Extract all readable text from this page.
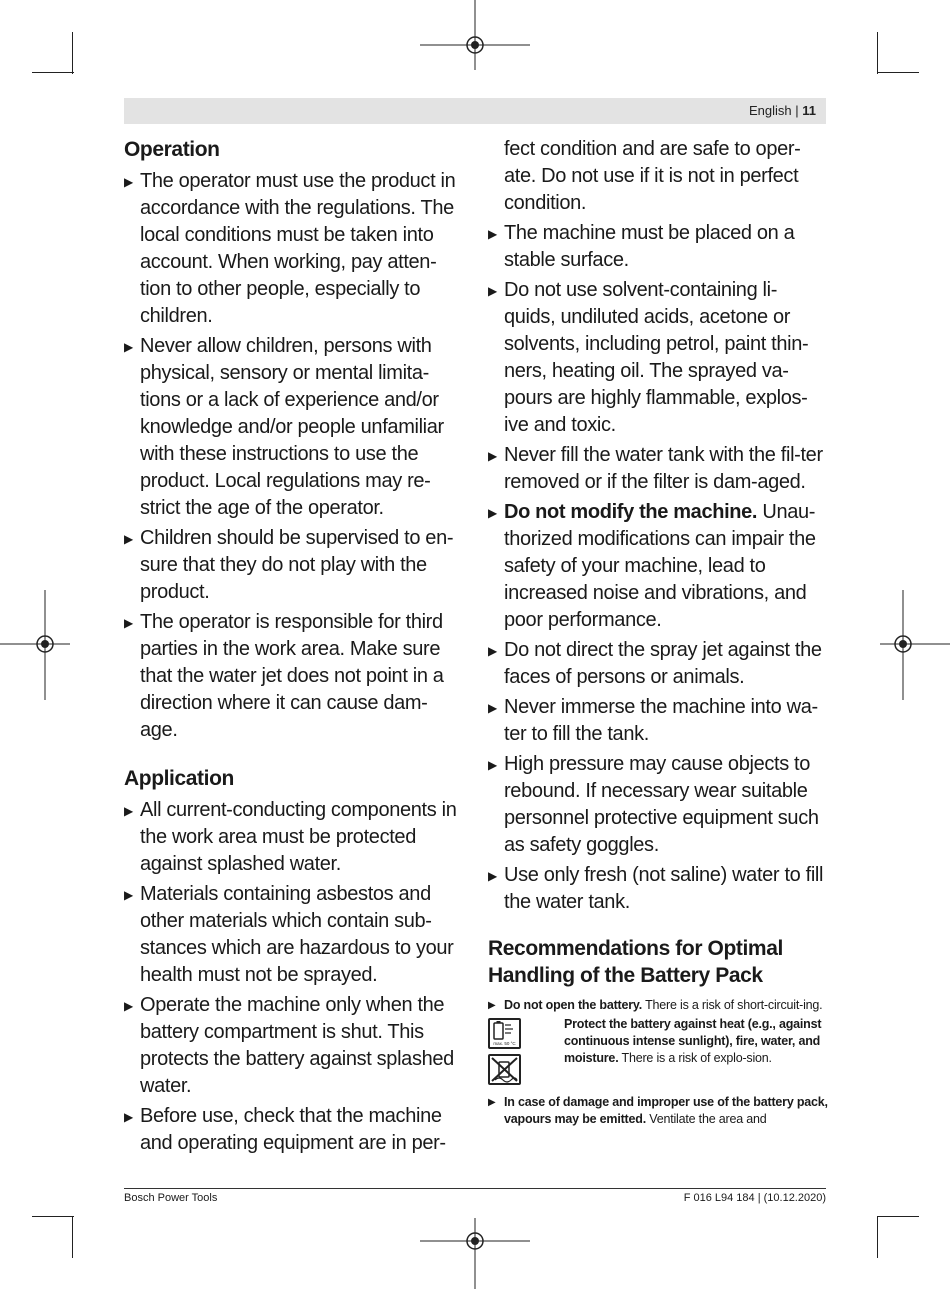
English | 11
Operation
▶ The operator must use the product in accordance with the regulations. The local conditions must be taken into account. When working, pay atten-tion to other people, especially to children.
▶ Never allow children, persons with physical, sensory or mental limita-tions or a lack of experience and/or knowledge and/or people unfamiliar with these instructions to use the product. Local regulations may re-strict the age of the operator.
▶ Children should be supervised to en-sure that they do not play with the product.
▶ The operator is responsible for third parties in the work area. Make sure that the water jet does not point in a direction where it can cause dam-age.
Application
▶ All current-conducting components in the work area must be protected against splashed water.
▶ Materials containing asbestos and other materials which contain sub-stances which are hazardous to your health must not be sprayed.
▶ Operate the machine only when the battery compartment is shut. This protects the battery against splashed water.
▶ Before use, check that the machine and operating equipment are in per-
fect condition and are safe to oper-ate. Do not use if it is not in perfect condition.
▶ The machine must be placed on a stable surface.
▶ Do not use solvent-containing li-quids, undiluted acids, acetone or solvents, including petrol, paint thin-ners, heating oil. The sprayed va-pours are highly flammable, explos-ive and toxic.
▶ Never fill the water tank with the fil-ter removed or if the filter is dam-aged.
▶ Do not modify the machine. Unau-thorized modifications can impair the safety of your machine, lead to increased noise and vibrations, and poor performance.
▶ Do not direct the spray jet against the faces of persons or animals.
▶ Never immerse the machine into wa-ter to fill the tank.
▶ High pressure may cause objects to rebound. If necessary wear suitable personnel protective equipment such as safety goggles.
▶ Use only fresh (not saline) water to fill the water tank.
Recommendations for Optimal Handling of the Battery Pack
▶ Do not open the battery. There is a risk of short-circuit-ing.
max. 50 °C
Protect the battery against heat (e.g., against continuous intense sunlight), fire, water, and moisture. There is a risk of explo-sion.
▶ In case of damage and improper use of the battery pack, vapours may be emitted. Ventilate the area and
Bosch Power Tools	F 016 L94 184 | (10.12.2020)
